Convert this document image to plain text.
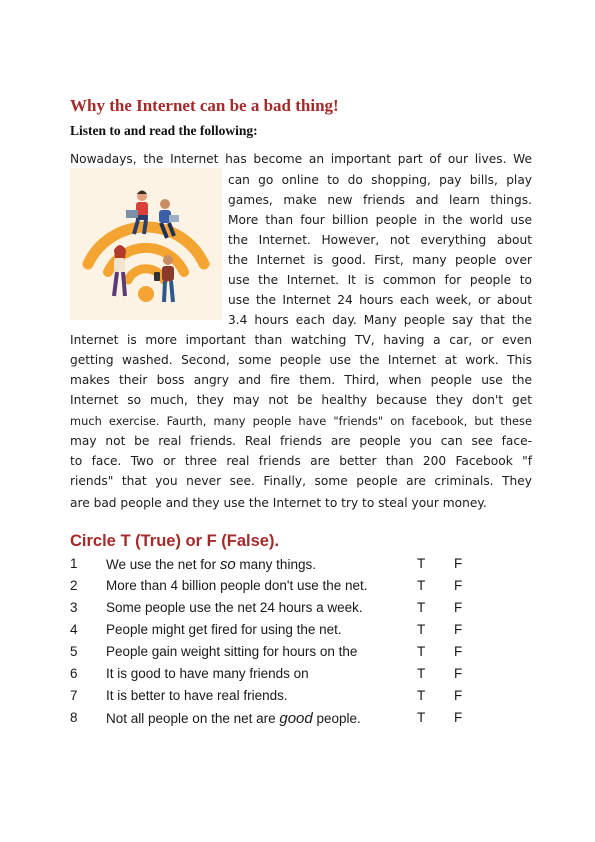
Why the Internet can be a bad thing!

Listen to and read the following:

Nowadays, the Internet has become an important part of our lives. We
can go online to do shopping, pay bills, play
games, make new friends and learn things.
More than four billion people in the world use
the Internet. However, not everything about
the Internet is good. First, many people over
use the Internet. It is common for people to
use the Internet 24 hours each week, or about
3.4 hours each day. Many people say that the
Internet is more important than watching TV, having a car, or even
getting washed. Second, some people use the Internet at work. This
makes their boss angry and fire them. Third, when people use the
Internet so much, they may not be healthy because they don't get
much exercise. Faurth, many people have "friends" on facebook, but these
may not be real friends. Real friends are people you can see face-
to face. Two or three real friends are better than 200 Facebook "f
riends" that you never see. Finally, some people are criminals. They
are bad people and they use the Internet to try to steal your money.
Circle T (True) or F (False).
1 We use the net for so many things.	T F
2 More than 4 billion people don't use the net.	T F
3 Some people use the net 24 hours a week.	T F
4 People might get fired for using the net.	T F
5 People gain weight sitting for hours on the	T F
6 It is good to have many friends on	T F
7 It is better to have real friends.	T F
8 Not all people on the net are good people.	T F
